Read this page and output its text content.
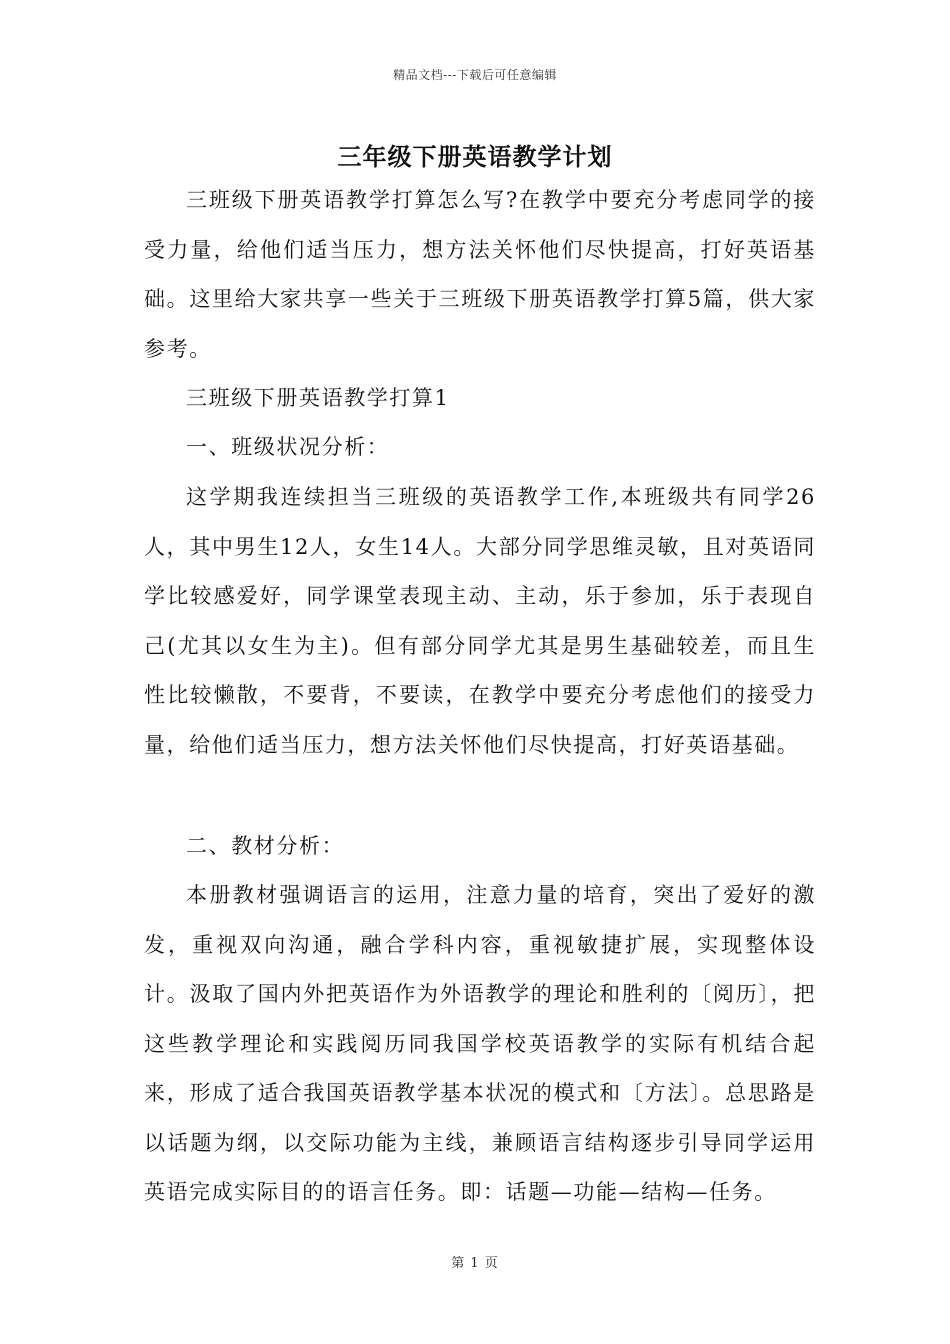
精品文档---下载后可任意编辑
三年级下册英语教学计划

三班级下册英语教学打算怎么写?在教学中要充分考虑同学的接受力量，给他们适当压力，想方法关怀他们尽快提高，打好英语基础。这里给大家共享一些关于三班级下册英语教学打算5篇，供大家参考。

三班级下册英语教学打算1

一、班级状况分析：

这学期我连续担当三班级的英语教学工作,本班级共有同学26人，其中男生12人，女生14人。大部分同学思维灵敏，且对英语同学比较感爱好，同学课堂表现主动、主动，乐于参加，乐于表现自己(尤其以女生为主)。但有部分同学尤其是男生基础较差，而且生性比较懒散，不要背，不要读，在教学中要充分考虑他们的接受力量，给他们适当压力，想方法关怀他们尽快提高，打好英语基础。

二、教材分析：

本册教材强调语言的运用，注意力量的培育，突出了爱好的激发，重视双向沟通，融合学科内容，重视敏捷扩展，实现整体设计。汲取了国内外把英语作为外语教学的理论和胜利的〔阅历〕，把这些教学理论和实践阅历同我国学校英语教学的实际有机结合起来，形成了适合我国英语教学基本状况的模式和〔方法〕。总思路是以话题为纲，以交际功能为主线，兼顾语言结构逐步引导同学运用英语完成实际目的的语言任务。即：话题—功能—结构—任务。

第 1 页
